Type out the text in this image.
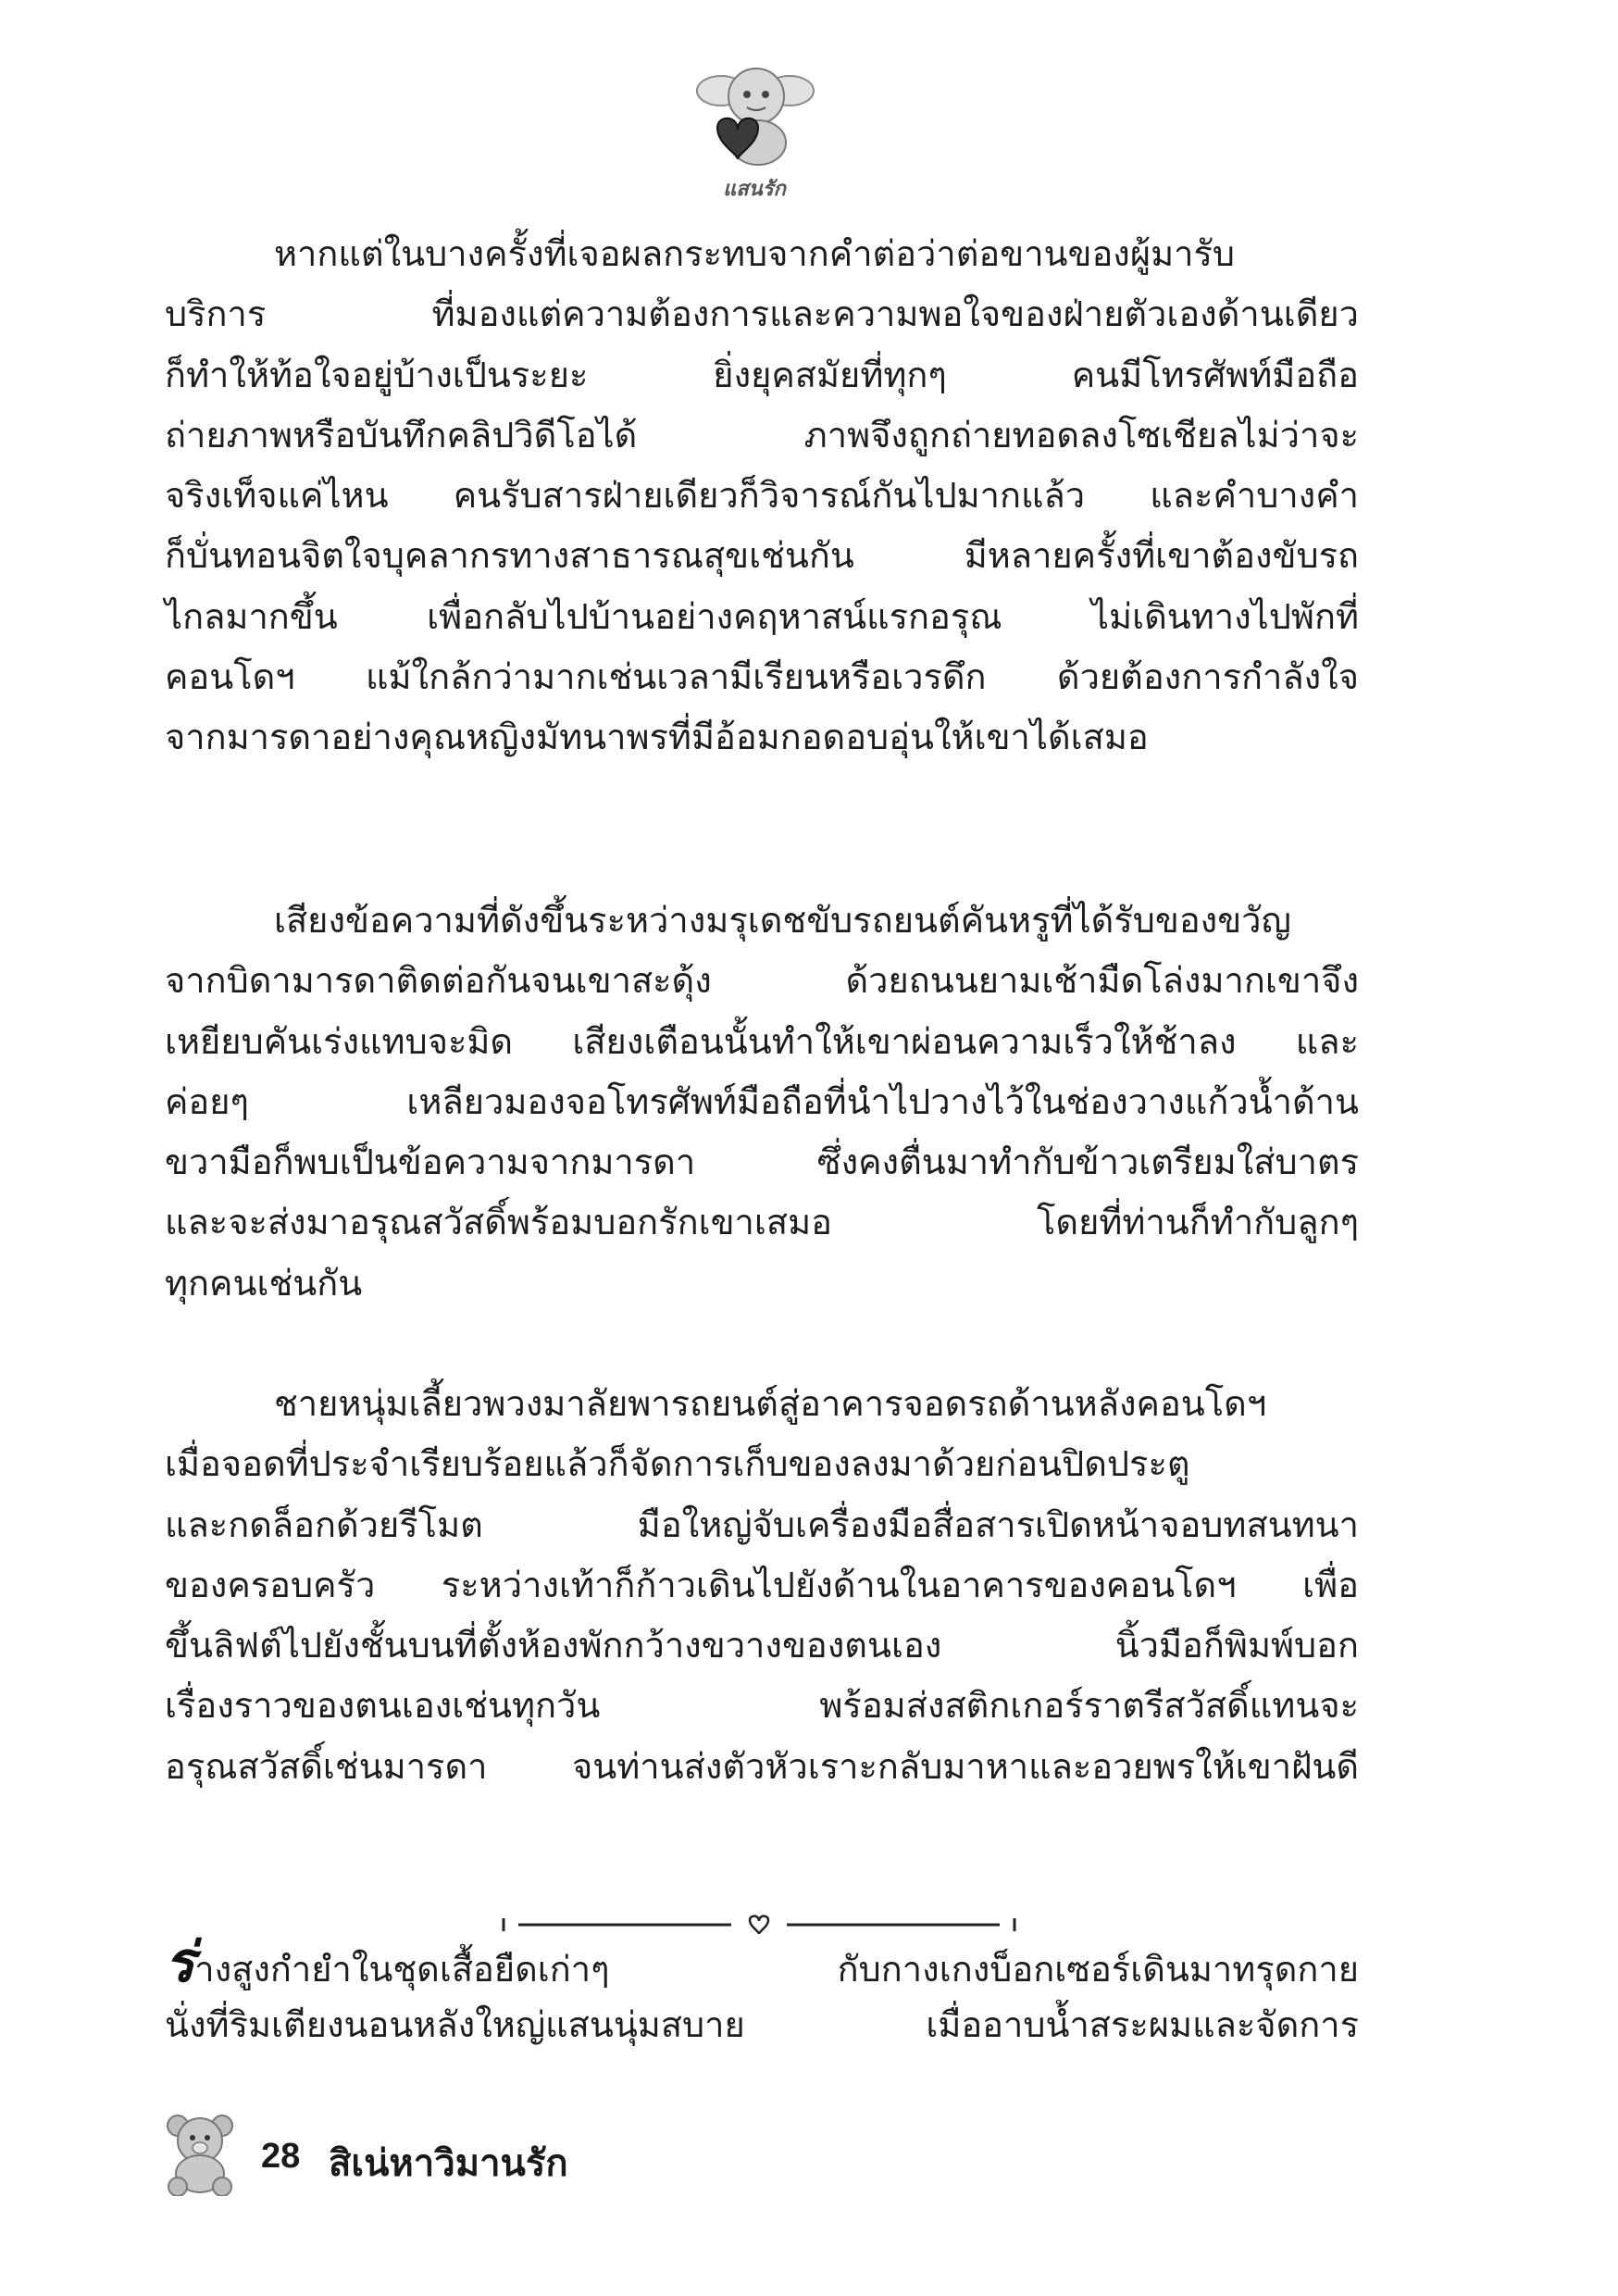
แสนรัก
หากแต่ในบางครั้งที่เจอผลกระทบจากคำต่อว่าต่อขานของผู้มารับ
บริการ ที่มองแต่ความต้องการและความพอใจของฝ่ายตัวเองด้านเดียว
ก็ทำให้ท้อใจอยู่บ้างเป็นระยะ ยิ่งยุคสมัยที่ทุกๆ คนมีโทรศัพท์มือถือ
ถ่ายภาพหรือบันทึกคลิปวิดีโอได้ ภาพจึงถูกถ่ายทอดลงโซเชียลไม่ว่าจะ
จริงเท็จแค่ไหน คนรับสารฝ่ายเดียวก็วิจารณ์กันไปมากแล้ว และคำบางคำ
ก็บั่นทอนจิตใจบุคลากรทางสาธารณสุขเช่นกัน มีหลายครั้งที่เขาต้องขับรถ
ไกลมากขึ้น เพื่อกลับไปบ้านอย่างคฤหาสน์แรกอรุณ ไม่เดินทางไปพักที่
คอนโดฯ แม้ใกล้กว่ามากเช่นเวลามีเรียนหรือเวรดึก ด้วยต้องการกำลังใจ
จากมารดาอย่างคุณหญิงมัทนาพรที่มีอ้อมกอดอบอุ่นให้เขาได้เสมอ
เสียงข้อความที่ดังขึ้นระหว่างมรุเดชขับรถยนต์คันหรูที่ได้รับของขวัญ
จากบิดามารดาติดต่อกันจนเขาสะดุ้ง ด้วยถนนยามเช้ามืดโล่งมากเขาจึง
เหยียบคันเร่งแทบจะมิด เสียงเตือนนั้นทำให้เขาผ่อนความเร็วให้ช้าลง และ
ค่อยๆ เหลียวมองจอโทรศัพท์มือถือที่นำไปวางไว้ในช่องวางแก้วน้ำด้าน
ขวามือก็พบเป็นข้อความจากมารดา ซึ่งคงตื่นมาทำกับข้าวเตรียมใส่บาตร
และจะส่งมาอรุณสวัสดิ์พร้อมบอกรักเขาเสมอ โดยที่ท่านก็ทำกับลูกๆ
ทุกคนเช่นกัน
ชายหนุ่มเลี้ยวพวงมาลัยพารถยนต์สู่อาคารจอดรถด้านหลังคอนโดฯ
เมื่อจอดที่ประจำเรียบร้อยแล้วก็จัดการเก็บของลงมาด้วยก่อนปิดประตู
และกดล็อกด้วยรีโมต มือใหญ่จับเครื่องมือสื่อสารเปิดหน้าจอบทสนทนา
ของครอบครัว ระหว่างเท้าก็ก้าวเดินไปยังด้านในอาคารของคอนโดฯ เพื่อ
ขึ้นลิฟต์ไปยังชั้นบนที่ตั้งห้องพักกว้างขวางของตนเอง นิ้วมือก็พิมพ์บอก
เรื่องราวของตนเองเช่นทุกวัน พร้อมส่งสติกเกอร์ราตรีสวัสดิ์แทนจะ
อรุณสวัสดิ์เช่นมารดา จนท่านส่งตัวหัวเราะกลับมาหาและอวยพรให้เขาฝันดี
ร่างสูงกำยำในชุดเสื้อยืดเก่าๆ กับกางเกงบ็อกเซอร์เดินมาทรุดกาย
นั่งที่ริมเตียงนอนหลังใหญ่แสนนุ่มสบาย เมื่ออาบน้ำสระผมและจัดการ
28 สิเน่หาวิมานรัก
